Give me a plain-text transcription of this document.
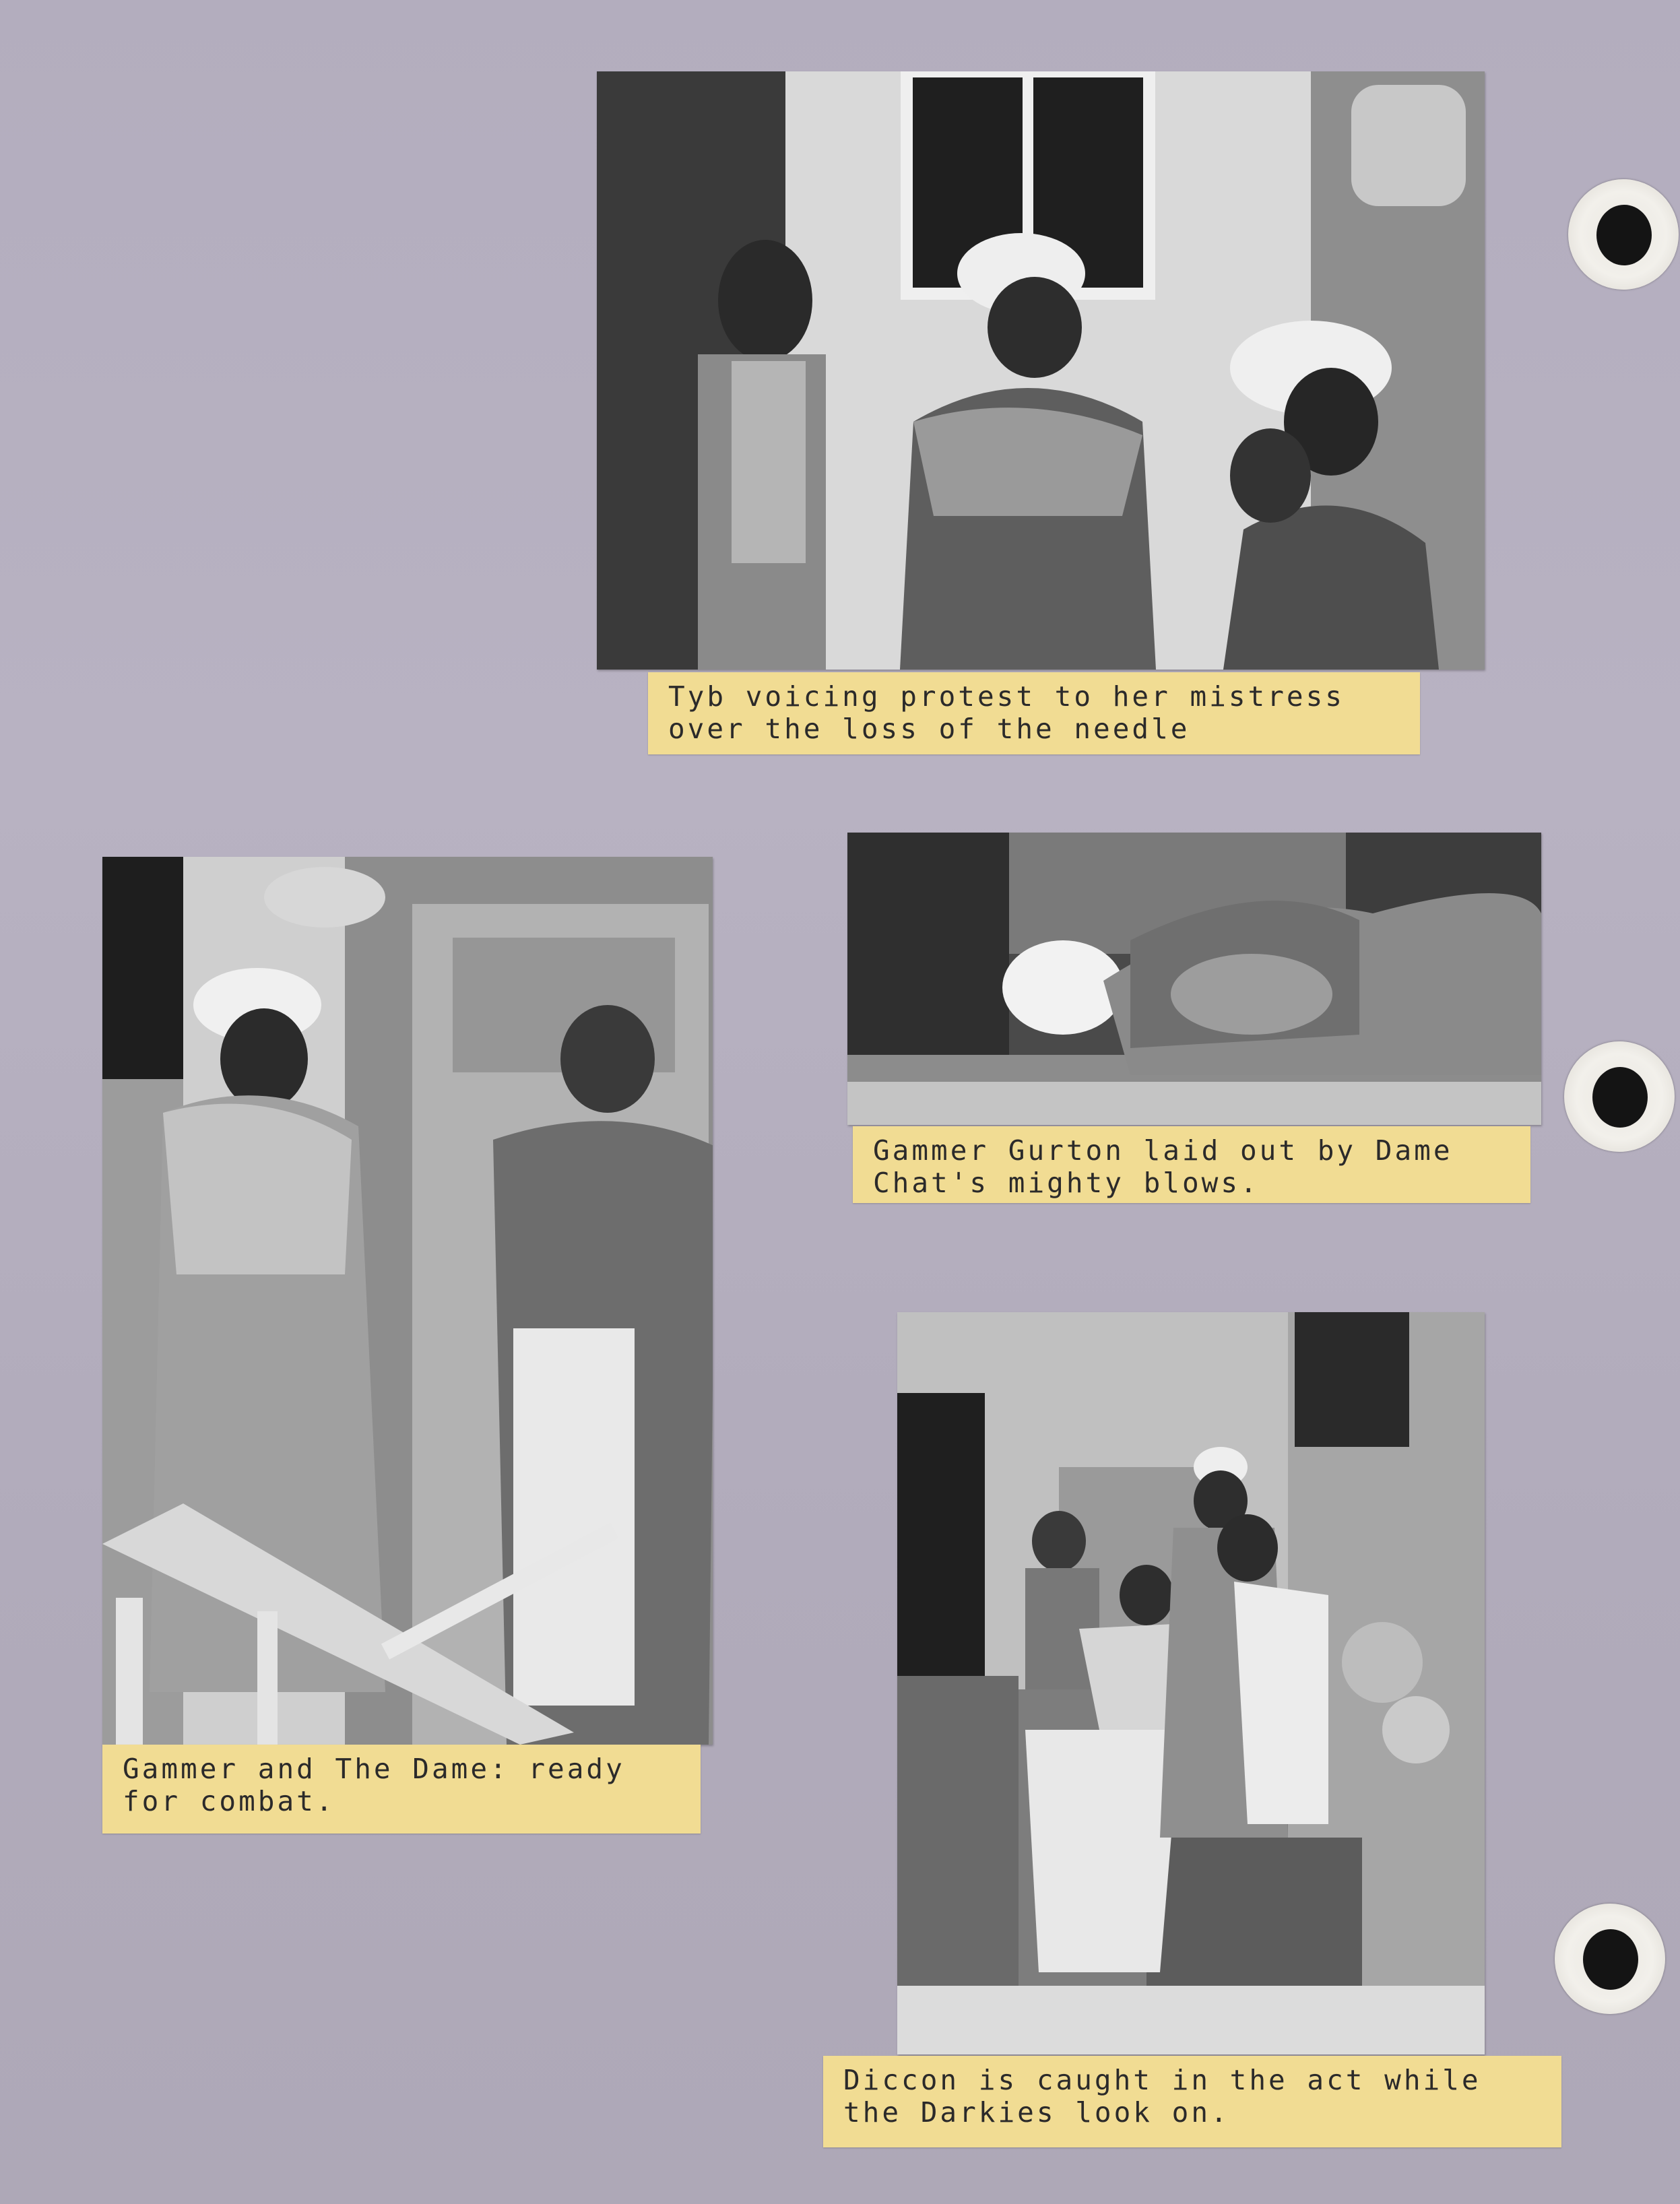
Tyb voicing protest to her mistress
over the loss of the needle
Gammer and The Dame: ready
for combat.
Gammer Gurton laid out by Dame
Chat's mighty blows.
Diccon is caught in the act while
the Darkies look on.
